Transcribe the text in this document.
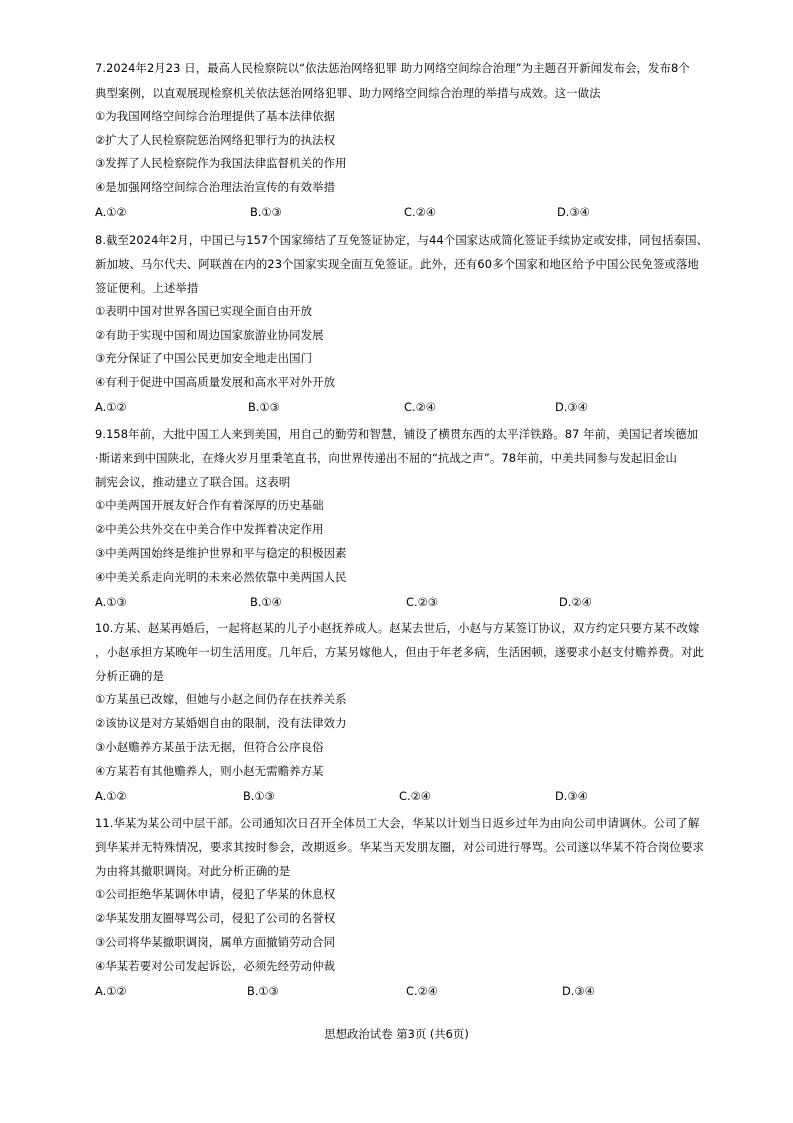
7.2024年2月23 日，最高人民检察院以“依法惩治网络犯罪 助力网络空间综合治理”为主题召开新闻发布会，发布8个
典型案例，以直观展现检察机关依法惩治网络犯罪、助力网络空间综合治理的举措与成效。这一做法
①为我国网络空间综合治理提供了基本法律依据
②扩大了人民检察院惩治网络犯罪行为的执法权
③发挥了人民检察院作为我国法律监督机关的作用
④是加强网络空间综合治理法治宣传的有效举措
A.①②	B.①③	C.②④	D.③④
8.截至2024年2月，中国已与157个国家缔结了互免签证协定，与44个国家达成简化签证手续协定或安排，同包括泰国、
新加坡、马尔代夫、阿联酋在内的23个国家实现全面互免签证。此外，还有60多个国家和地区给予中国公民免签或落地
签证便利。上述举措
①表明中国对世界各国已实现全面自由开放
②有助于实现中国和周边国家旅游业协同发展
③充分保证了中国公民更加安全地走出国门
④有利于促进中国高质量发展和高水平对外开放
A.①②	B.①③	C.②④	D.③④
9.158年前，大批中国工人来到美国，用自己的勤劳和智慧，铺设了横贯东西的太平洋铁路。87 年前，美国记者埃德加
·斯诺来到中国陕北，在烽火岁月里秉笔直书，向世界传递出不屈的“抗战之声”。78年前，中美共同参与发起旧金山
制宪会议，推动建立了联合国。这表明
①中美两国开展友好合作有着深厚的历史基础
②中美公共外交在中美合作中发挥着决定作用
③中美两国始终是维护世界和平与稳定的积极因素
④中美关系走向光明的未来必然依靠中美两国人民
A.①③	B.①④	C.②③	D.②④
10.方某、赵某再婚后，一起将赵某的儿子小赵抚养成人。赵某去世后，小赵与方某签订协议，双方约定只要方某不改嫁
，小赵承担方某晚年一切生活用度。几年后，方某另嫁他人，但由于年老多病，生活困顿，遂要求小赵支付赡养费。对此
分析正确的是
①方某虽已改嫁，但她与小赵之间仍存在扶养关系
②该协议是对方某婚姻自由的限制，没有法律效力
③小赵赡养方某虽于法无据，但符合公序良俗
④方某若有其他赡养人，则小赵无需赡养方某
A.①②	B.①③	C.②④	D.③④
11.华某为某公司中层干部。公司通知次日召开全体员工大会，华某以计划当日返乡过年为由向公司申请调休。公司了解
到华某并无特殊情况，要求其按时参会，改期返乡。华某当天发朋友圈，对公司进行辱骂。公司遂以华某不符合岗位要求
为由将其撤职调岗。对此分析正确的是
①公司拒绝华某调休申请，侵犯了华某的休息权
②华某发朋友圈辱骂公司，侵犯了公司的名誉权
③公司将华某撤职调岗，属单方面撤销劳动合同
④华某若要对公司发起诉讼，必须先经劳动仲裁
A.①②	B.①③	C.②④	D.③④
思想政治试卷 第3页 (共6页)
